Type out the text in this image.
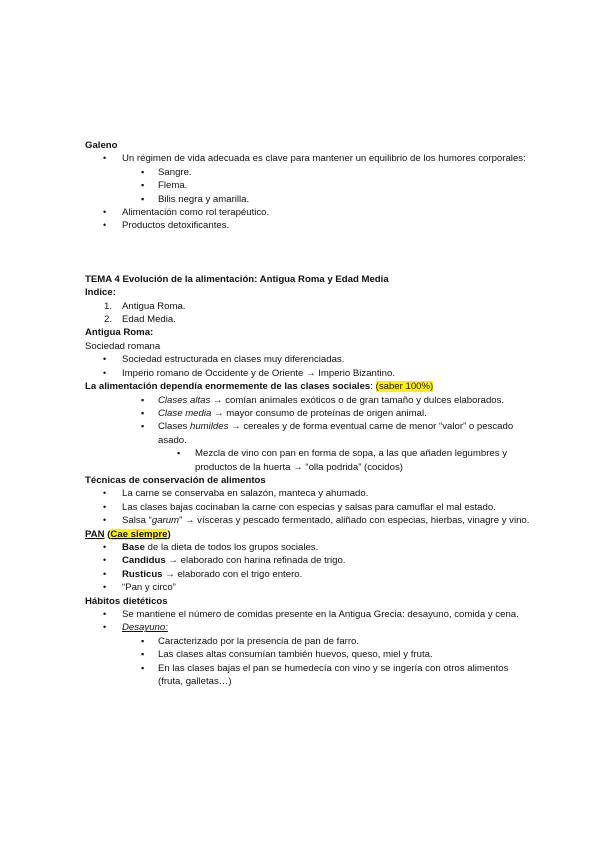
Galeno
• Un régimen de vida adecuada es clave para mantener un equilibrio de los humores corporales:
▪ Sangre.
▪ Flema.
▪ Bilis negra y amarilla.
• Alimentación como rol terapéutico.
• Productos detoxificantes.
TEMA 4 Evolución de la alimentación: Antigua Roma y Edad Media
Indice:
1. Antigua Roma.
2. Edad Media.
Antigua Roma:
Sociedad romana
• Sociedad estructurada en clases muy diferenciadas.
• Imperio romano de Occidente y de Oriente → Imperio Bizantino.
La alimentación dependía enormemente de las clases sociales: (saber 100%)
▪ Clases altas → comían animales exóticos o de gran tamaño y dulces elaborados.
▪ Clase media → mayor consumo de proteínas de origen animal.
▪ Clases humildes → cereales y de forma eventual carne de menor “valor” o pescado asado.
▪ Mezcla de vino con pan en forma de sopa, a las que añaden legumbres y productos de la huerta → “olla podrida” (cocidos)
Técnicas de conservación de alimentos
• La carne se conservaba en salazón, manteca y ahumado.
• Las clases bajas cocinaban la carne con especias y salsas para camuflar el mal estado.
• Salsa “garum” → vísceras y pescado fermentado, aliñado con especias, hierbas, vinagre y vino.
PAN (Cae siempre)
• Base de la dieta de todos los grupos sociales.
• Candidus → elaborado con harina refinada de trigo.
• Rusticus → elaborado con el trigo entero.
• “Pan y circo”
Hábitos dietéticos
• Se mantiene el número de comidas presente en la Antigua Grecia: desayuno, comida y cena.
• Desayuno:
▪ Caracterizado por la presencia de pan de farro.
▪ Las clases altas consumían también huevos, queso, miel y fruta.
▪ En las clases bajas el pan se humedecía con vino y se ingería con otros alimentos (fruta, galletas…)
